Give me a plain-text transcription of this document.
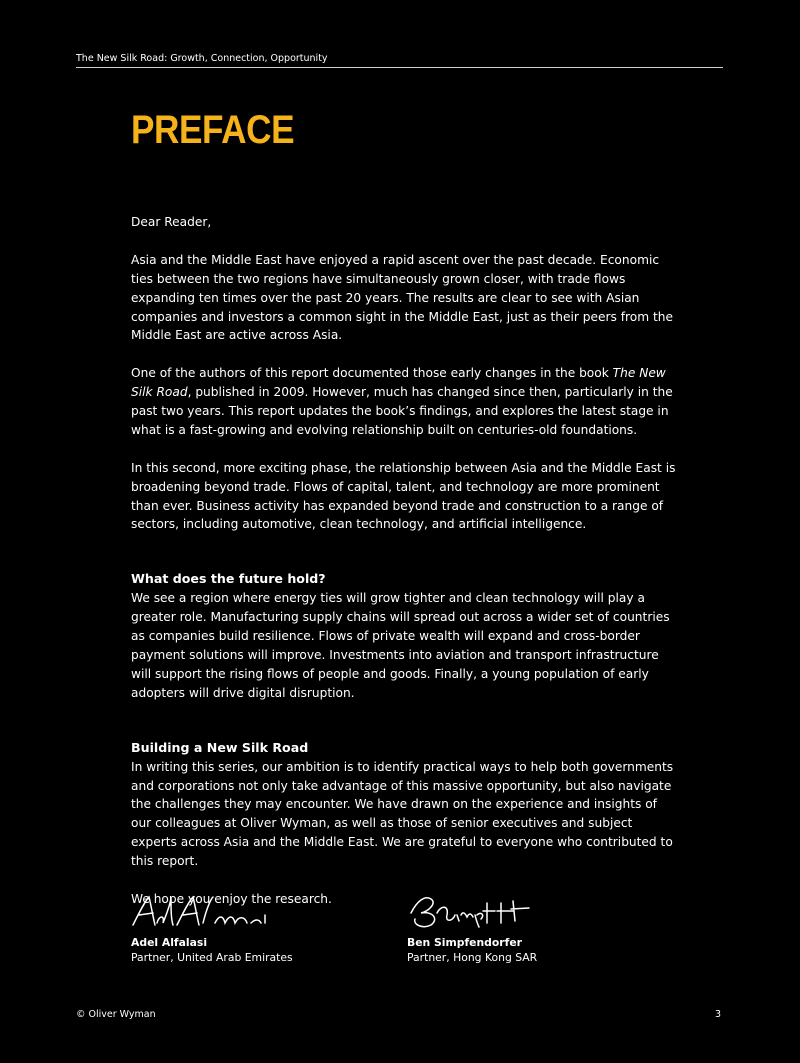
The New Silk Road: Growth, Connection, Opportunity
PREFACE

Dear Reader,

Asia and the Middle East have enjoyed a rapid ascent over the past decade. Economic ties between the two regions have simultaneously grown closer, with trade flows expanding ten times over the past 20 years. The results are clear to see with Asian companies and investors a common sight in the Middle East, just as their peers from the Middle East are active across Asia.

One of the authors of this report documented those early changes in the book The New Silk Road, published in 2009. However, much has changed since then, particularly in the past two years. This report updates the book’s findings, and explores the latest stage in what is a fast-growing and evolving relationship built on centuries-old foundations.

In this second, more exciting phase, the relationship between Asia and the Middle East is broadening beyond trade. Flows of capital, talent, and technology are more prominent than ever. Business activity has expanded beyond trade and construction to a range of sectors, including automotive, clean technology, and artificial intelligence.

What does the future hold?

We see a region where energy ties will grow tighter and clean technology will play a greater role. Manufacturing supply chains will spread out across a wider set of countries as companies build resilience. Flows of private wealth will expand and cross-border payment solutions will improve. Investments into aviation and transport infrastructure will support the rising flows of people and goods. Finally, a young population of early adopters will drive digital disruption.

Building a New Silk Road

In writing this series, our ambition is to identify practical ways to help both governments and corporations not only take advantage of this massive opportunity, but also navigate the challenges they may encounter. We have drawn on the experience and insights of our colleagues at Oliver Wyman, as well as those of senior executives and subject experts across Asia and the Middle East. We are grateful to everyone who contributed to this report.

We hope you enjoy the research.

Adel Alfalasi
Partner, United Arab Emirates
Ben Simpfendorfer
Partner, Hong Kong SAR
© Oliver Wyman	3
